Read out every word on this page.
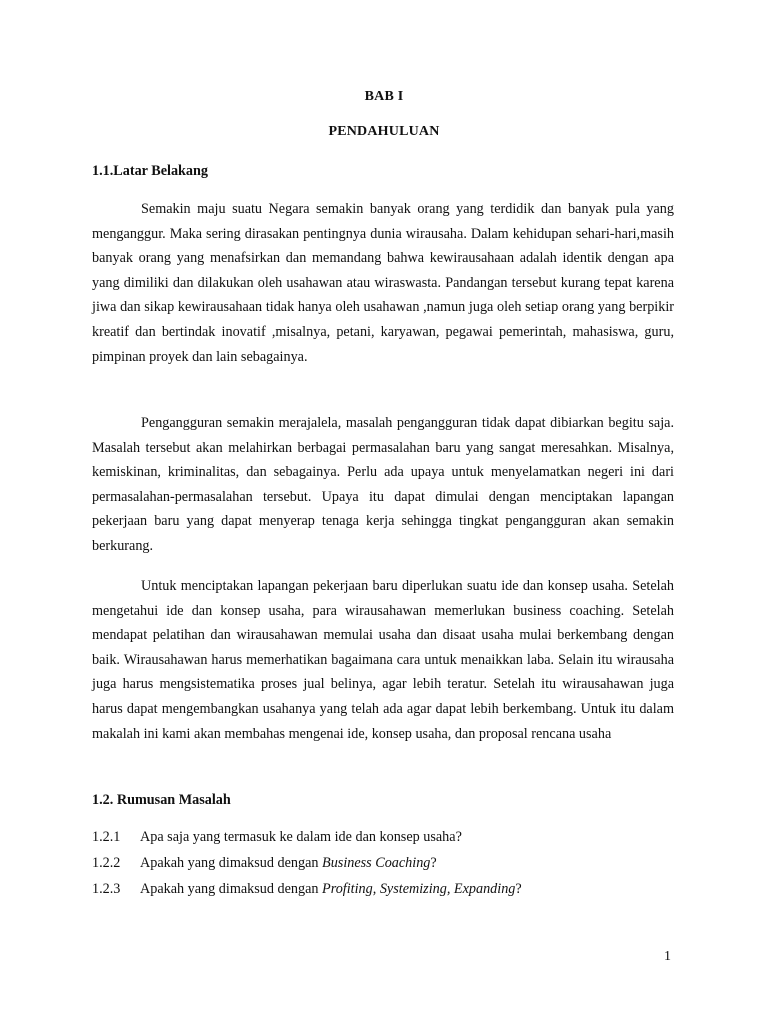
BAB I
PENDAHULUAN
1.1.Latar Belakang

Semakin maju suatu Negara semakin banyak orang yang terdidik dan banyak pula yang menganggur. Maka sering dirasakan pentingnya dunia wirausaha. Dalam kehidupan sehari-hari,masih banyak orang yang menafsirkan dan memandang bahwa kewirausahaan adalah identik dengan apa yang dimiliki dan dilakukan oleh usahawan atau wiraswasta. Pandangan tersebut kurang tepat karena jiwa dan sikap kewirausahaan tidak hanya oleh usahawan ,namun juga oleh setiap orang yang berpikir kreatif dan bertindak inovatif ,misalnya, petani, karyawan, pegawai pemerintah, mahasiswa, guru, pimpinan proyek dan lain sebagainya.

Pengangguran semakin merajalela, masalah pengangguran tidak dapat dibiarkan begitu saja. Masalah tersebut akan melahirkan berbagai permasalahan baru yang sangat meresahkan. Misalnya, kemiskinan, kriminalitas, dan sebagainya. Perlu ada upaya untuk menyelamatkan negeri ini dari permasalahan-permasalahan tersebut. Upaya itu dapat dimulai dengan menciptakan lapangan pekerjaan baru yang dapat menyerap tenaga kerja sehingga tingkat pengangguran akan semakin berkurang.

Untuk menciptakan lapangan pekerjaan baru diperlukan suatu ide dan konsep usaha. Setelah mengetahui ide dan konsep usaha, para wirausahawan memerlukan business coaching. Setelah mendapat pelatihan dan wirausahawan memulai usaha dan disaat usaha mulai berkembang dengan baik. Wirausahawan harus memerhatikan bagaimana cara untuk menaikkan laba. Selain itu wirausaha juga harus mengsistematika proses jual belinya, agar lebih teratur. Setelah itu wirausahawan juga harus dapat mengembangkan usahanya yang telah ada agar dapat lebih berkembang. Untuk itu dalam makalah ini kami akan membahas mengenai ide, konsep usaha, dan proposal rencana usaha

1.2. Rumusan Masalah
1.2.1 Apa saja yang termasuk ke dalam ide dan konsep usaha?
1.2.2 Apakah yang dimaksud dengan Business Coaching?
1.2.3 Apakah yang dimaksud dengan Profiting, Systemizing, Expanding?
1
